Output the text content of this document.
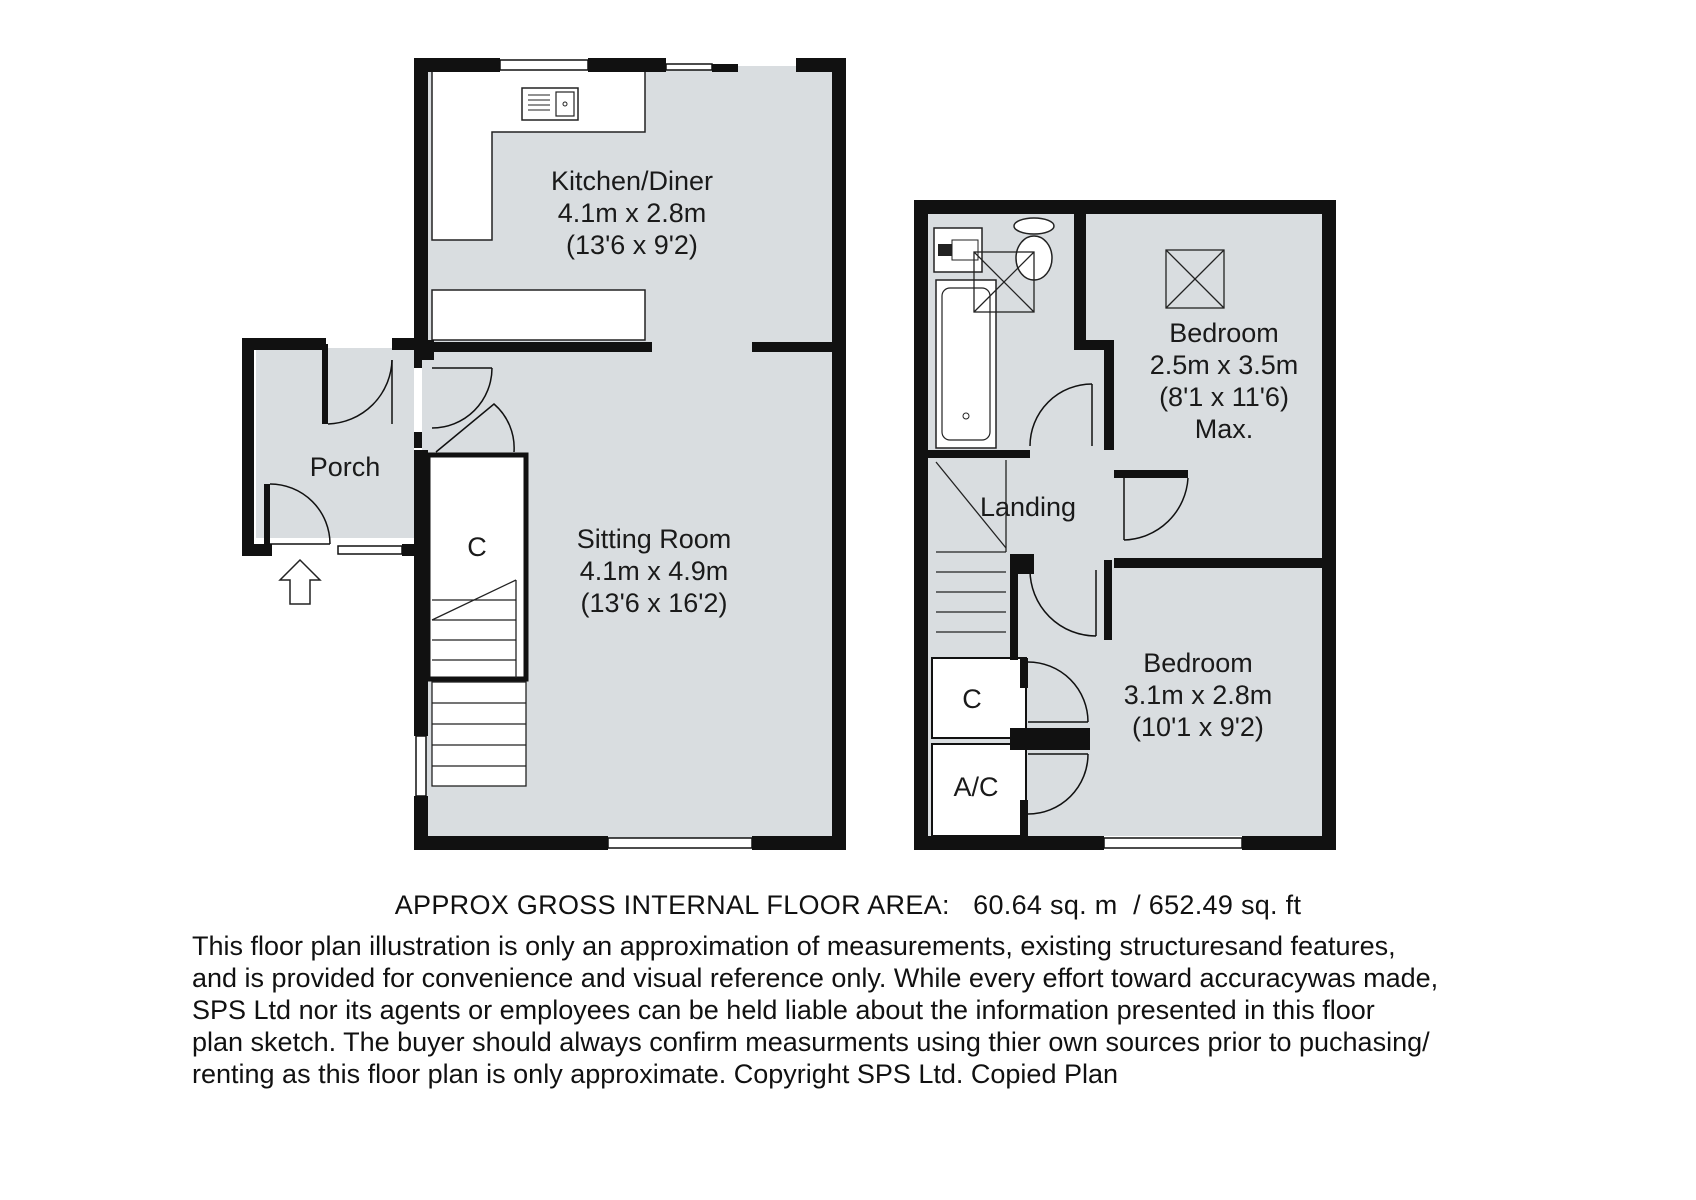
Kitchen/Diner
4.1m x 2.8m
(13'6 x 9'2)
Sitting Room
4.1m x 4.9m
(13'6 x 16'2)
Porch
C
Landing
Bedroom
2.5m x 3.5m
(8'1 x 11'6)
Max.
Bedroom
3.1m x 2.8m
(10'1 x 9'2)
C
A/C
APPROX GROSS INTERNAL FLOOR AREA: 60.64 sq. m / 652.49 sq. ft
This floor plan illustration is only an approximation of measurements, existing structuresand features,
and is provided for convenience and visual reference only. While every effort toward accuracywas made,
SPS Ltd nor its agents or employees can be held liable about the information presented in this floor
plan sketch. The buyer should always confirm measurments using thier own sources prior to puchasing/
renting as this floor plan is only approximate. Copyright SPS Ltd. Copied Plan
